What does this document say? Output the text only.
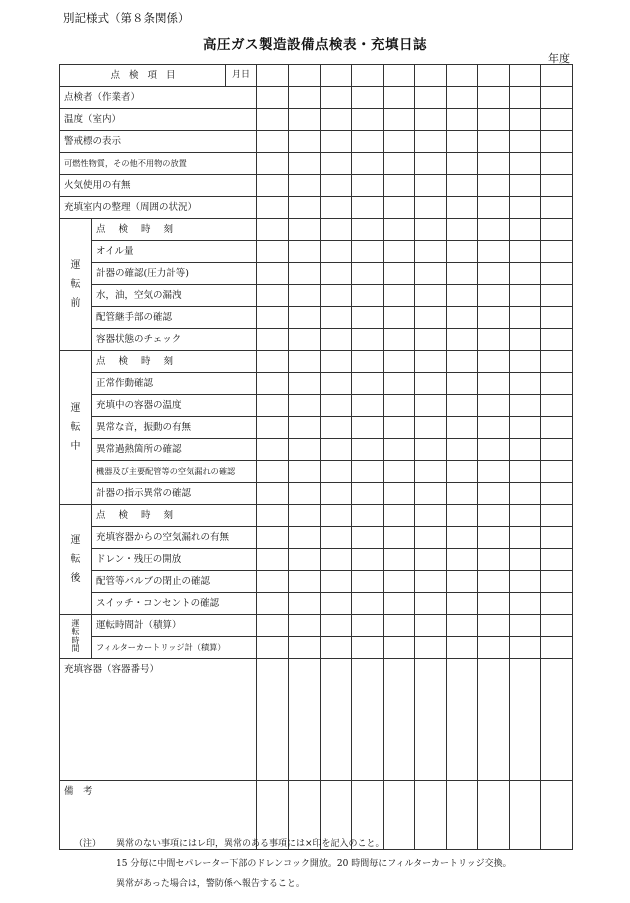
別記様式（第８条関係）
高圧ガス製造設備点検表・充填日誌
年度
点 検 項 目		月日										
点検者（作業者）												
温度（室内）												
警戒標の表示												
可燃性物質，その他不用物の放置												
火気使用の有無												
充填室内の整理（周囲の状況）												
運
転
前	点 検 時 刻											
	オイル量											
	計器の確認(圧力計等)											
	水，油，空気の漏洩											
	配管継手部の確認											
	容器状態のチェック											
運
転
中	点 検 時 刻											
	正常作動確認											
	充填中の容器の温度											
	異常な音，振動の有無											
	異常過熱箇所の確認											
	機器及び主要配管等の空気漏れの確認											
	計器の指示異常の確認											
運
転
後	点 検 時 刻											
	充填容器からの空気漏れの有無											
	ドレン・残圧の開放											
	配管等バルブの閉止の確認											
	スイッチ・コンセントの確認											
運
転
時
間	運転時間計（積算）											
	フィルターカートリッジ計（積算）											
充填容器（容器番号）												
備　考												
（注） 異常のない事項にはレ印，異常のある事項には×印を記入のこと。
15 分毎に中間セパレーター下部のドレンコック開放。20 時間毎にフィルターカートリッジ交換。
異常があった場合は，警防係へ報告すること。
